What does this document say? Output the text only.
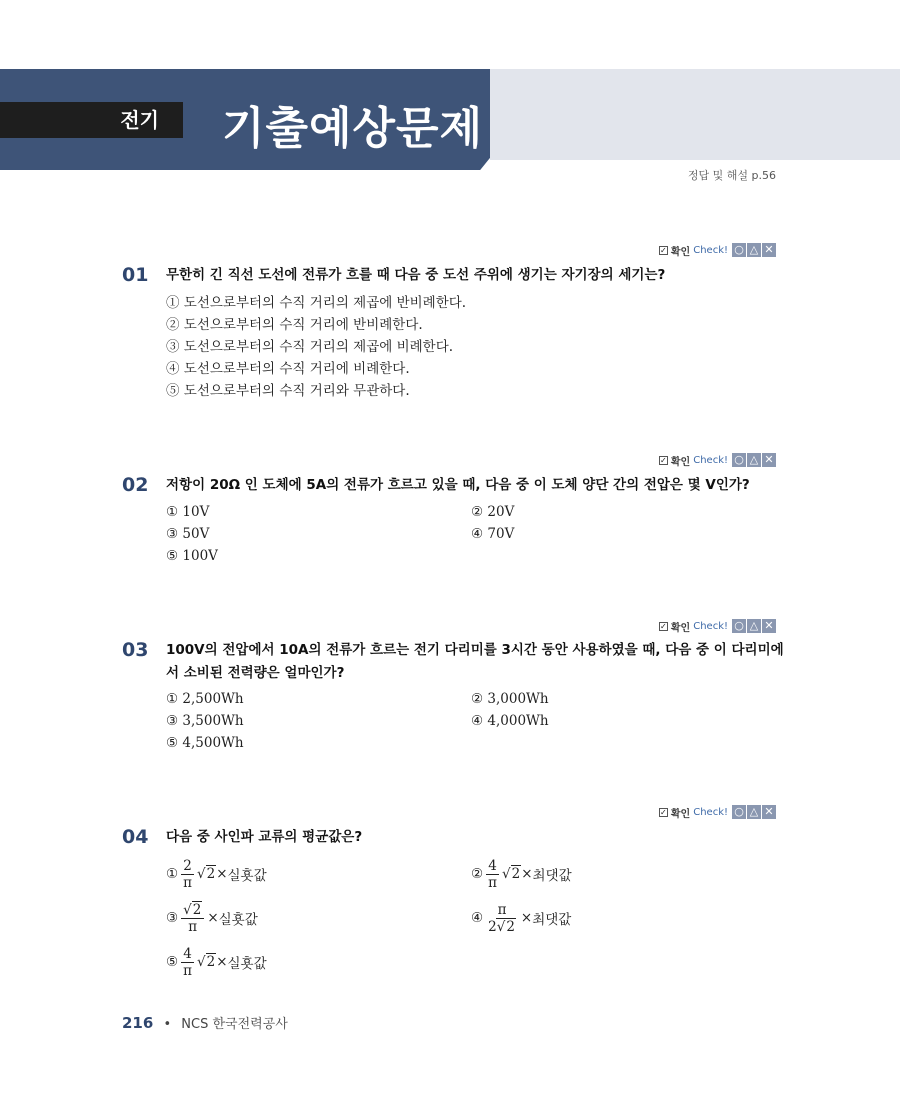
전기	기출예상문제
정답 및 해설 p.56
✓ 확인 Check! ○ △ ✕
01 무한히 긴 직선 도선에 전류가 흐를 때 다음 중 도선 주위에 생기는 자기장의 세기는?
① 도선으로부터의 수직 거리의 제곱에 반비례한다.
② 도선으로부터의 수직 거리에 반비례한다.
③ 도선으로부터의 수직 거리의 제곱에 비례한다.
④ 도선으로부터의 수직 거리에 비례한다.
⑤ 도선으로부터의 수직 거리와 무관하다.
✓ 확인 Check! ○ △ ✕
02 저항이 20Ω 인 도체에 5A의 전류가 흐르고 있을 때, 다음 중 이 도체 양단 간의 전압은 몇 V인가?
① 10V	② 20V
③ 50V	④ 70V
⑤ 100V
✓ 확인 Check! ○ △ ✕
03 100V의 전압에서 10A의 전류가 흐르는 전기 다리미를 3시간 동안 사용하였을 때, 다음 중 이 다리미에서 소비된 전력량은 얼마인가?
① 2,500Wh	② 3,000Wh
③ 3,500Wh	④ 4,000Wh
⑤ 4,500Wh
✓ 확인 Check! ○ △ ✕
04 다음 중 사인파 교류의 평균값은?
① $\frac{2}{\pi} √2$ × 실횻값	② $\frac{4}{\pi} √2$ × 최댓값
③ $\frac{√2}{\pi}$ × 실횻값	④ $\frac{\pi}{2√2}$ × 최댓값
⑤ $\frac{4}{\pi} √2$ × 실횻값
216 • NCS 한국전력공사
